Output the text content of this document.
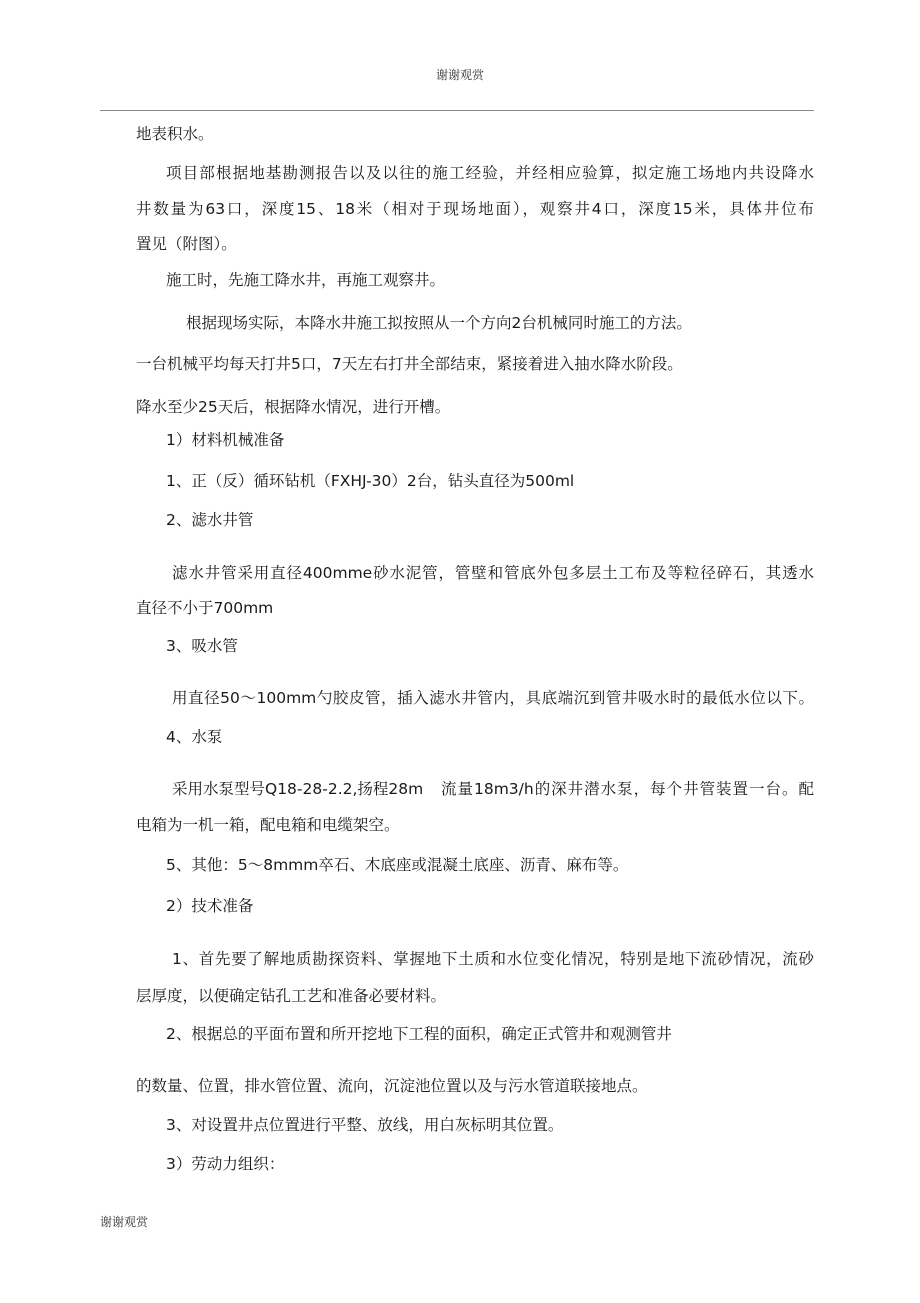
谢谢观赏
地表积水。
项目部根据地基勘测报告以及以往的施工经验，并经相应验算，拟定施工场地内共设降水
井数量为63口，深度15、18米（相对于现场地面），观察井4口，深度15米，具体井位布
置见（附图）。
施工时，先施工降水井，再施工观察井。
根据现场实际，本降水井施工拟按照从一个方向2台机械同时施工的方法。
一台机械平均每天打井5口，7天左右打井全部结束，紧接着进入抽水降水阶段。
降水至少25天后，根据降水情况，进行开槽。
1）材料机械准备
1、正（反）循环钻机（FXHJ-30）2台，钻头直径为500ml
2、滤水井管
滤水井管采用直径400mme砂水泥管，管壁和管底外包多层土工布及等粒径碎石，其透水
直径不小于700mm
3、吸水管
用直径50～100mm勺胶皮管，插入滤水井管内，具底端沉到管井吸水时的最低水位以下。
4、水泵
采用水泵型号Q18-28-2.2,扬程28m 流量18m3/h的深井潜水泵，每个井管装置一台。配
电箱为一机一箱，配电箱和电缆架空。
5、其他：5～8mmm卒石、木底座或混凝土底座、沥青、麻布等。
2）技术准备
1、首先要了解地质勘探资料、掌握地下土质和水位变化情况，特别是地下流砂情况，流砂
层厚度，以便确定钻孔工艺和准备必要材料。
2、根据总的平面布置和所开挖地下工程的面积，确定正式管井和观测管井
的数量、位置，排水管位置、流向，沉淀池位置以及与污水管道联接地点。
3、对设置井点位置进行平整、放线，用白灰标明其位置。
3）劳动力组织：
谢谢观赏
